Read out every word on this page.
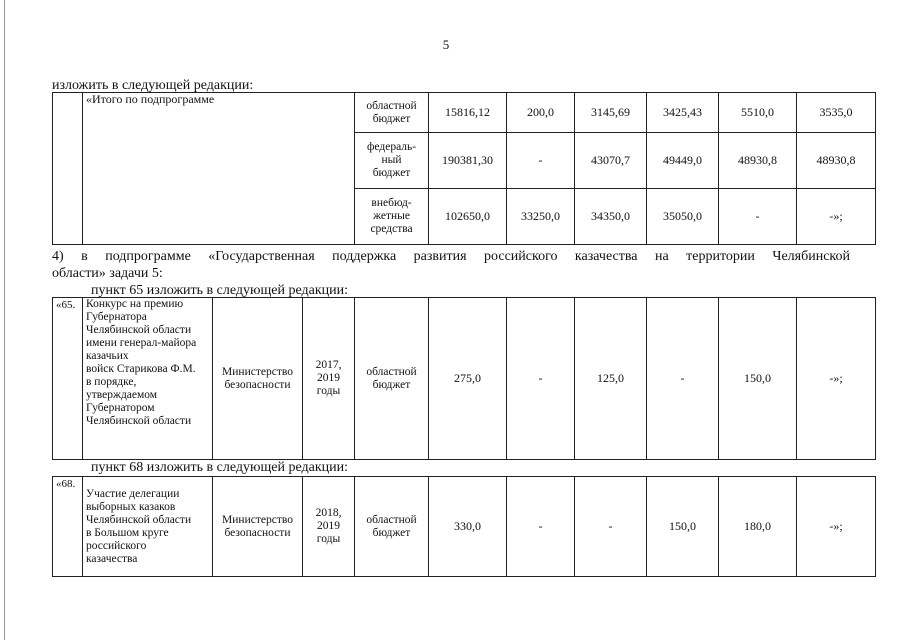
5
изложить в следующей редакции:
	«Итого по подпрограмме	областной
бюджет	15816,12	200,0	3145,69	3425,43	5510,0	3535,0
		федераль-
ный
бюджет	190381,30	-	43070,7	49449,0	48930,8	48930,8
		внебюд-
жетные
средства	102650,0	33250,0	34350,0	35050,0	-	-»;
4) в подпрограмме «Государственная поддержка развития российского казачества на территории Челябинской
области» задачи 5:
пункт 65 изложить в следующей редакции:
«65.	Конкурс на премию
Губернатора
Челябинской области
имени генерал-майора
казачьих
войск Старикова Ф.М.
в порядке,
утверждаемом
Губернатором
Челябинской области	Министерство
безопасности	2017,
2019
годы	областной
бюджет	275,0	-	125,0	-	150,0	-»;
пункт 68 изложить в следующей редакции:
«68.	Участие делегации
выборных казаков
Челябинской области
в Большом круге
российского
казачества	Министерство
безопасности	2018,
2019
годы	областной
бюджет	330,0	-	-	150,0	180,0	-»;
